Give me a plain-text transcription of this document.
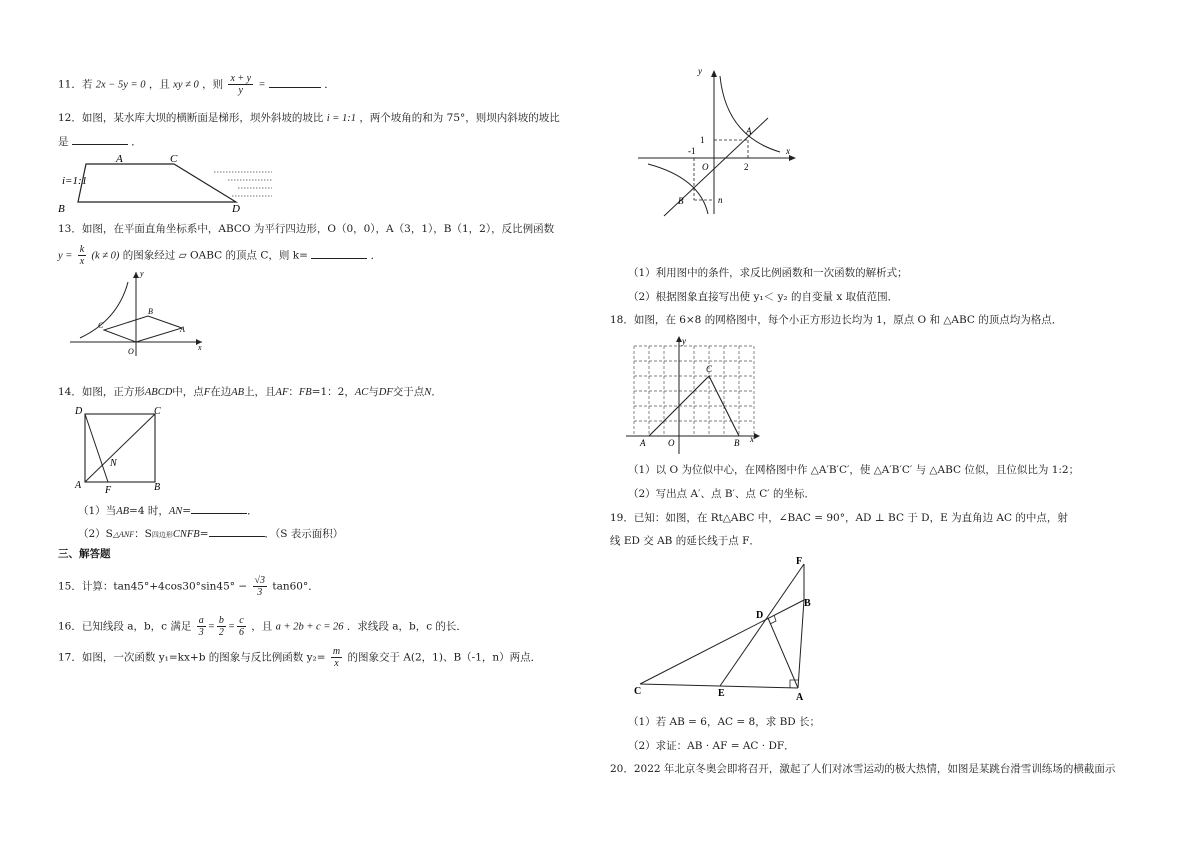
11．若 2x − 5y = 0 ，且 xy ≠ 0 ，则 $\frac{x + y}{y}$ =	．
12．如图，某水库大坝的横断面是梯形，坝外斜坡的坡比 i = 1:1 ，两个坡角的和为 75°，则坝内斜坡的坡比
是	．
A	C
i=1:1
B	D
13．如图，在平面直角坐标系中，ABCO 为平行四边形，O（0，0），A（3，1），B（1，2），反比例函数
$y = \frac{k}{x} (k \ne 0)$ 的图象经过 ▱ OABC 的顶点 C，则 k=	．
y
x
B
C	A
O
14．如图，正方形ABCD中，点F在边AB上，且AF：FB=1：2，AC与DF交于点N．
D	C
A	B
F
N
（1）当AB=4 时，AN=	．
（2）S△ANF：S四边形CNFB=	．（S 表示面积）
三、解答题
15．计算：$\tan 45^\circ+4\cos 30^\circ\sin 45^\circ - \frac{√3}{3} \tan 60^\circ$．
16．已知线段 a，b，c 满足 $\frac{a}{3} = \frac{b}{2} = \frac{c}{6}$ ，且 a + 2b + c = 26 ．求线段 a，b，c 的长．
17．如图，一次函数 y₁=kx+b 的图象与反比例函数 $y_2= \frac{m}{x}$ 的图象交于 A(2，1)、B（-1，n）两点．
y
x
O
A
B
1
-1
2
n
（1）利用图中的条件，求反比例函数和一次函数的解析式；
（2）根据图象直接写出使 y₁＜ y₂ 的自变量 x 取值范围．
18．如图，在 6×8 的网格图中，每个小正方形边长均为 1，原点 O 和 △ABC 的顶点均为格点．
y
x
A	O	B
C
（1）以 O 为位似中心，在网格图中作 △A′B′C′，使 △A′B′C′ 与 △ABC 位似，且位似比为 1:2；
（2）写出点 A′、点 B′、点 C′ 的坐标．
19．已知：如图，在 Rt△ABC 中，∠BAC = 90°，AD ⊥ BC 于 D，E 为直角边 AC 的中点，射
线 ED 交 AB 的延长线于点 F．
F
B
D
C	E	A
（1）若 AB = 6，AC = 8，求 BD 长；
（2）求证：AB · AF = AC · DF．
20．2022 年北京冬奥会即将召开，激起了人们对冰雪运动的极大热情，如图是某跳台滑雪训练场的横截面示
